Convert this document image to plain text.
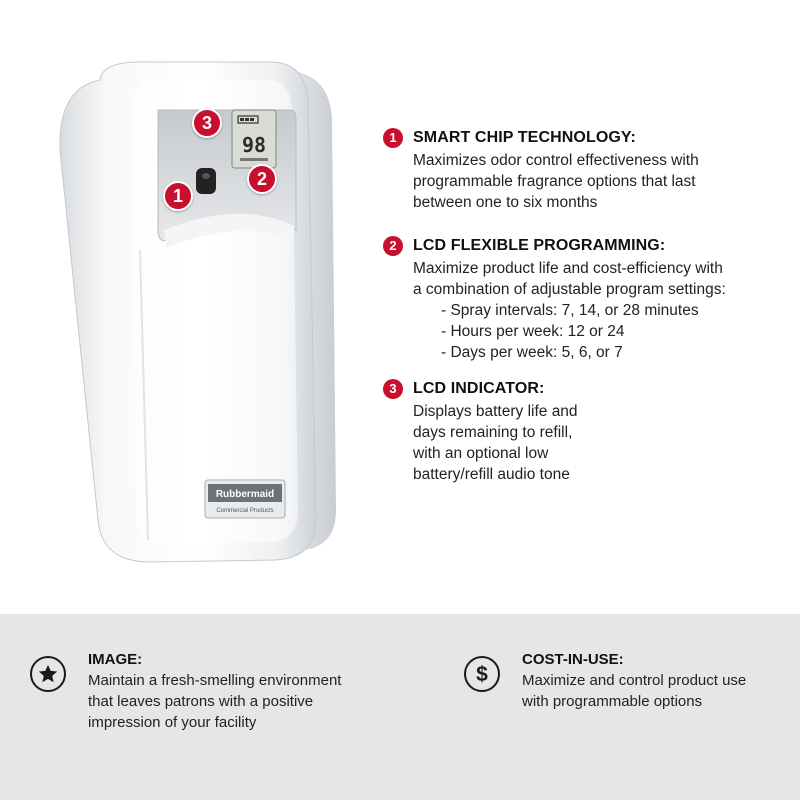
98
Rubbermaid
Commercial Products
3
2
1
1	SMART CHIP TECHNOLOGY:
Maximizes odor control effectiveness with
programmable fragrance options that last
between one to six months
2	LCD FLEXIBLE PROGRAMMING:
Maximize product life and cost-efficiency with
a combination of adjustable program settings:
- Spray intervals: 7, 14, or 28 minutes
- Hours per week: 12 or 24
- Days per week: 5, 6, or 7
3	LCD INDICATOR:
Displays battery life and
days remaining to refill,
with an optional low
battery/refill audio tone
IMAGE:
Maintain a fresh-smelling environment
that leaves patrons with a positive
impression of your facility
$
COST-IN-USE:
Maximize and control product use
with programmable options
